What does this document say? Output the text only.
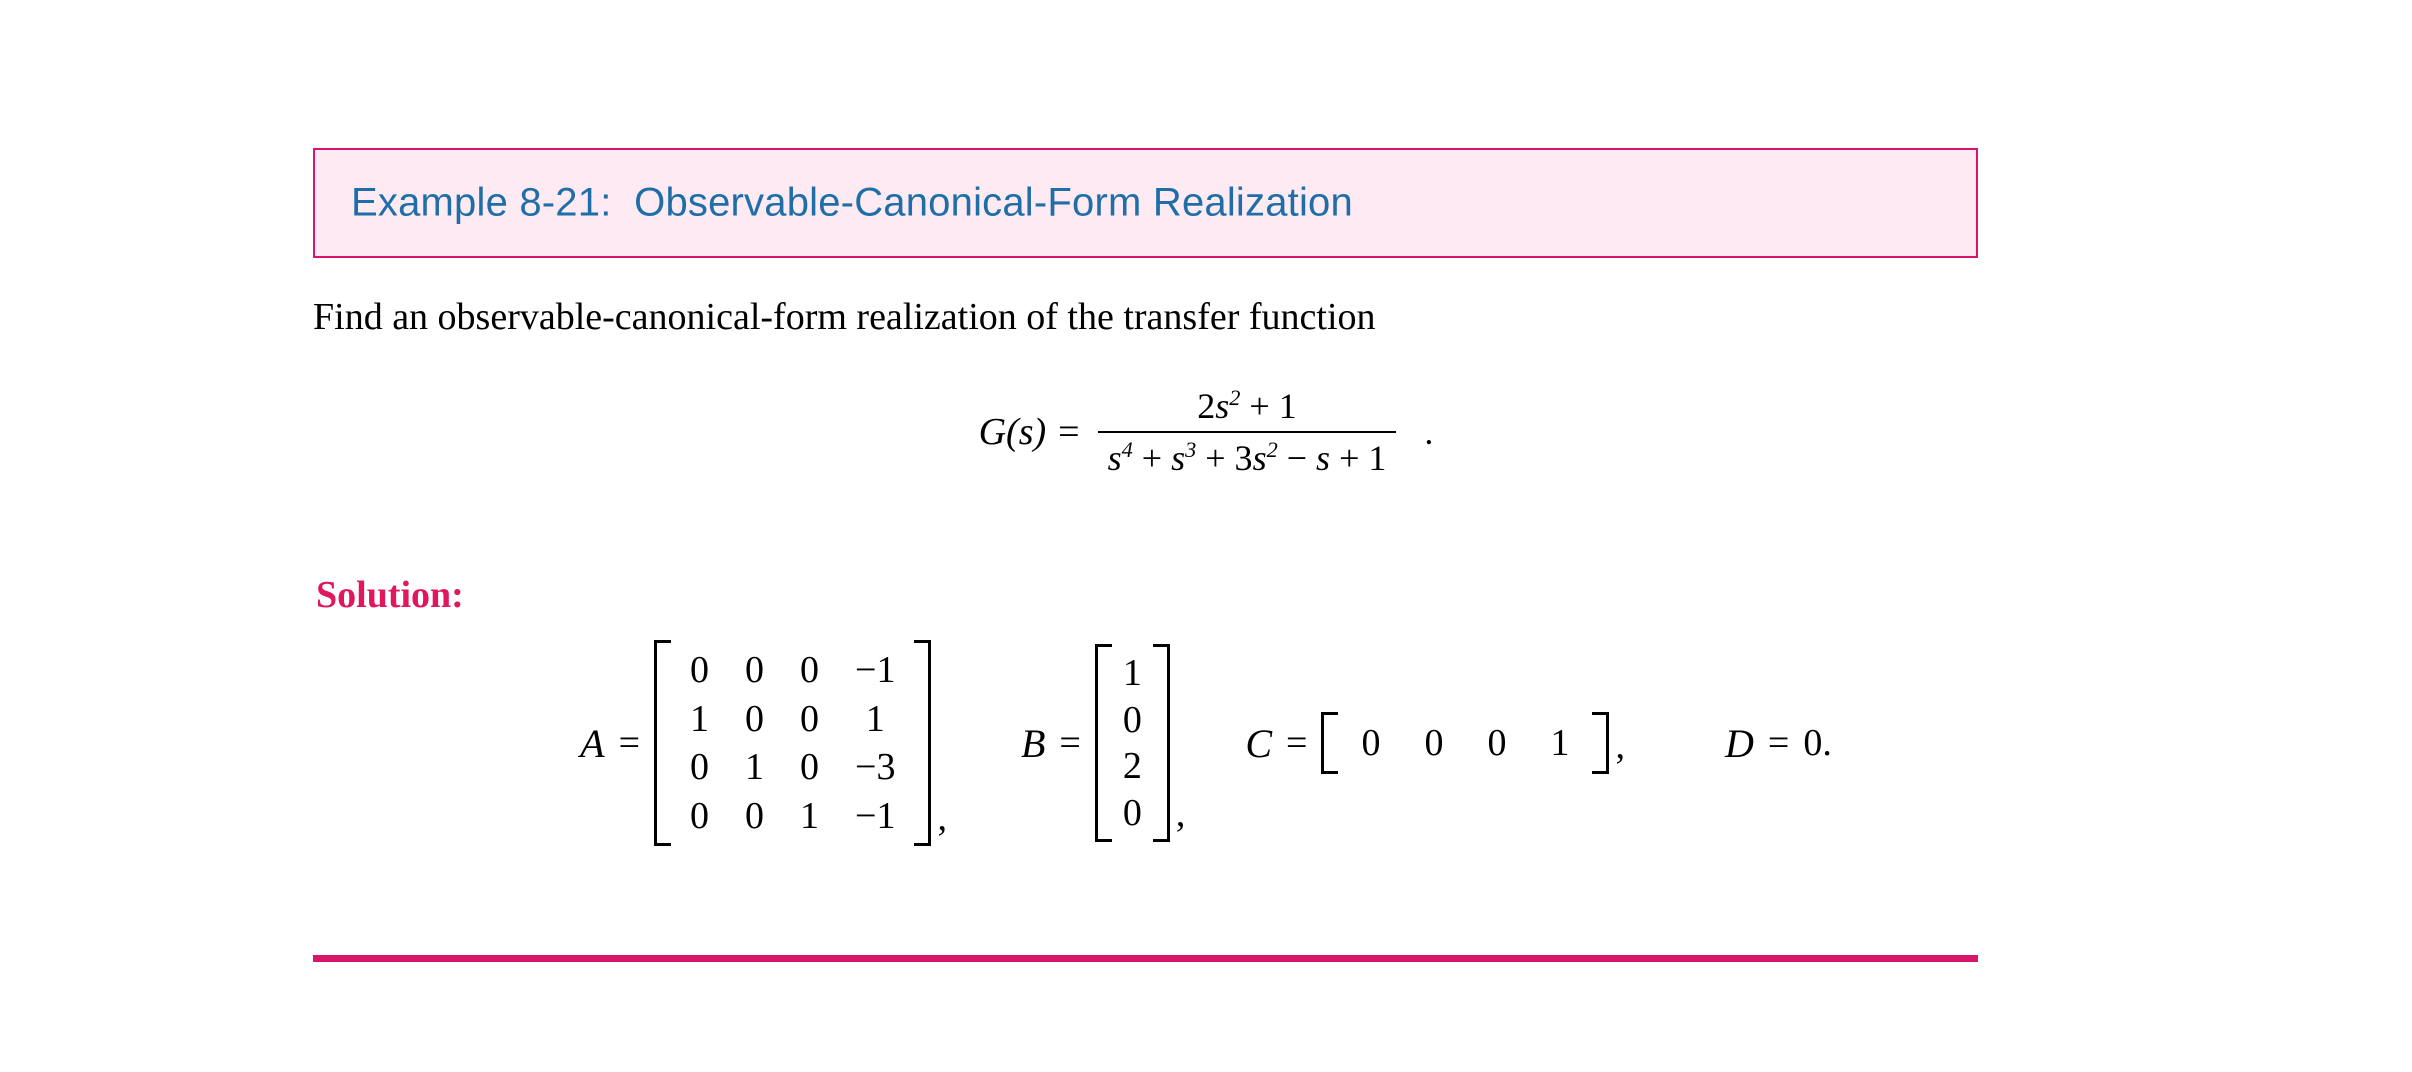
Example 8-21:  Observable-Canonical-Form Realization
Find an observable-canonical-form realization of the transfer function
$G(s) = \frac{2s^2 + 1}{s^4 + s^3 + 3s^2 - s + 1}$ .
Solution:
A =
0	0	0	−1
1	0	0	1
0	1	0	−3
0	0	1	−1 ,
B =
1
0
2
0 ,
C = 0	0	0	1 ,	D = 0.
